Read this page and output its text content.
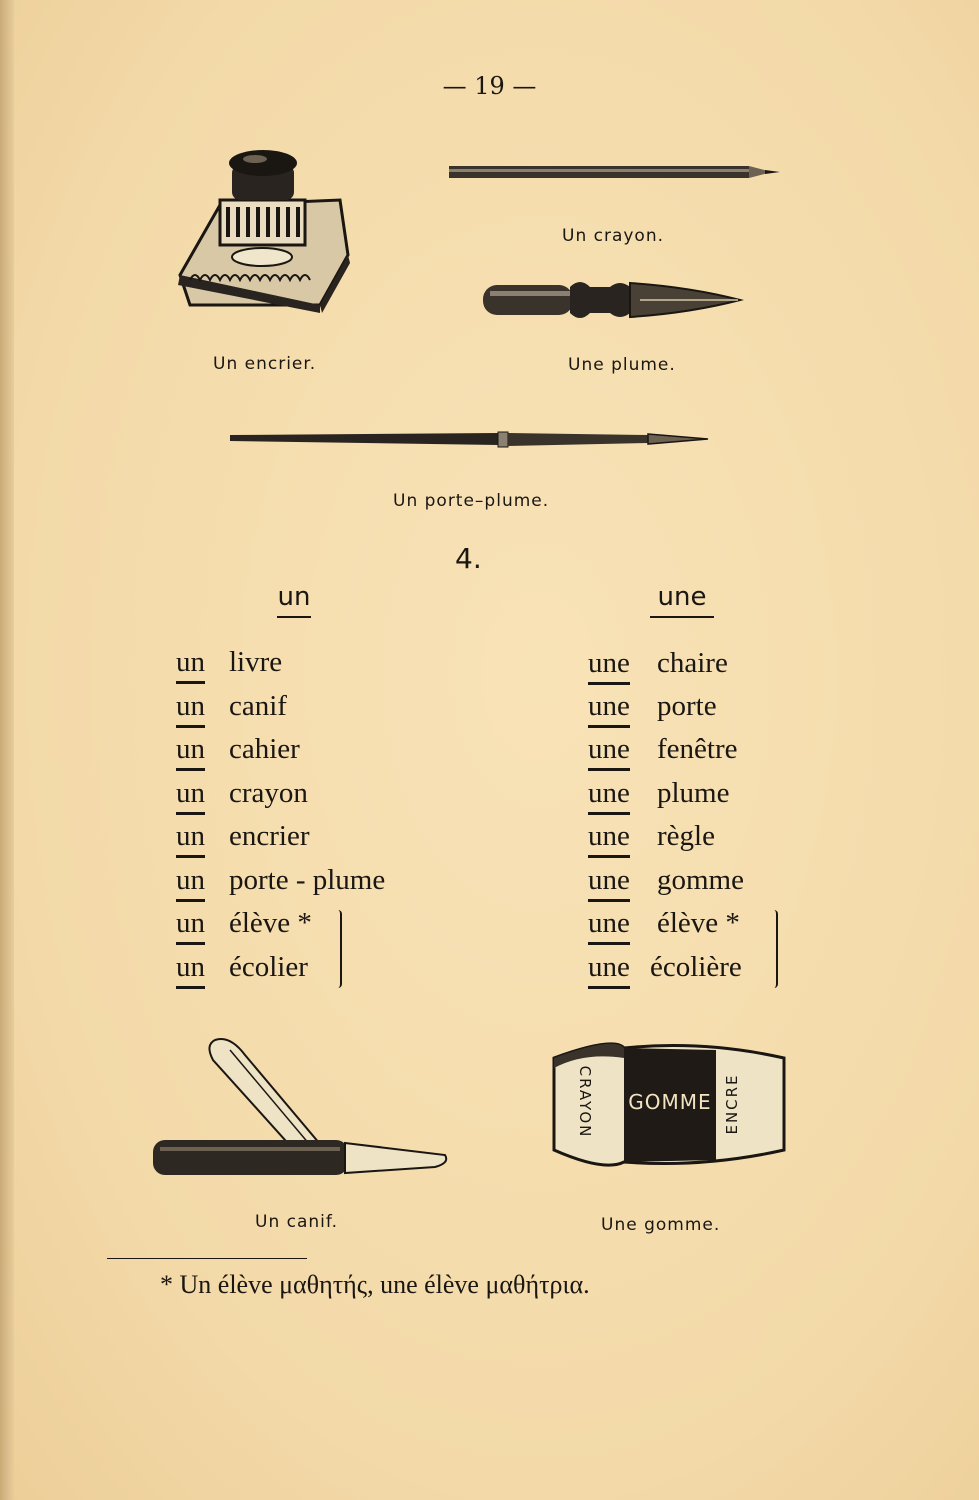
— 19 —
Un encrier.
Un crayon.
Une plume.
Un porte–plume.
4.
un	une
un livre
un canif
un cahier
un crayon
un encrier
un porte - plume
un élève *
un écolier
une chaire
une porte
une fenêtre
une plume
une règle
une gomme
une élève *
une écolière
Un canif.
CRAYON GOMME ENCRE
Une gomme.
* Un élève μαθητής, une élève μαθήτρια.
